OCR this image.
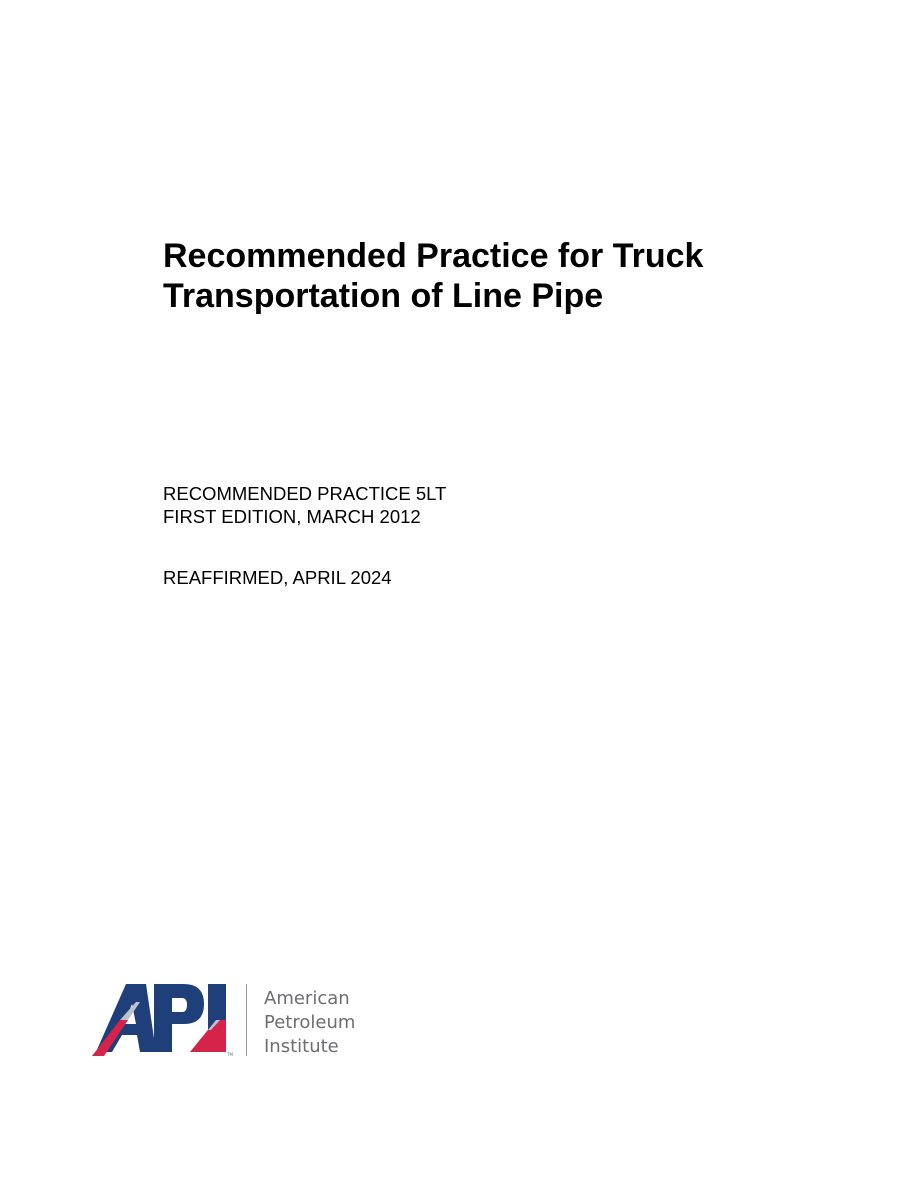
Recommended Practice for Truck
Transportation of Line Pipe
RECOMMENDED PRACTICE 5LT
FIRST EDITION, MARCH 2012
REAFFIRMED, APRIL 2024
TM
American
Petroleum
Institute
